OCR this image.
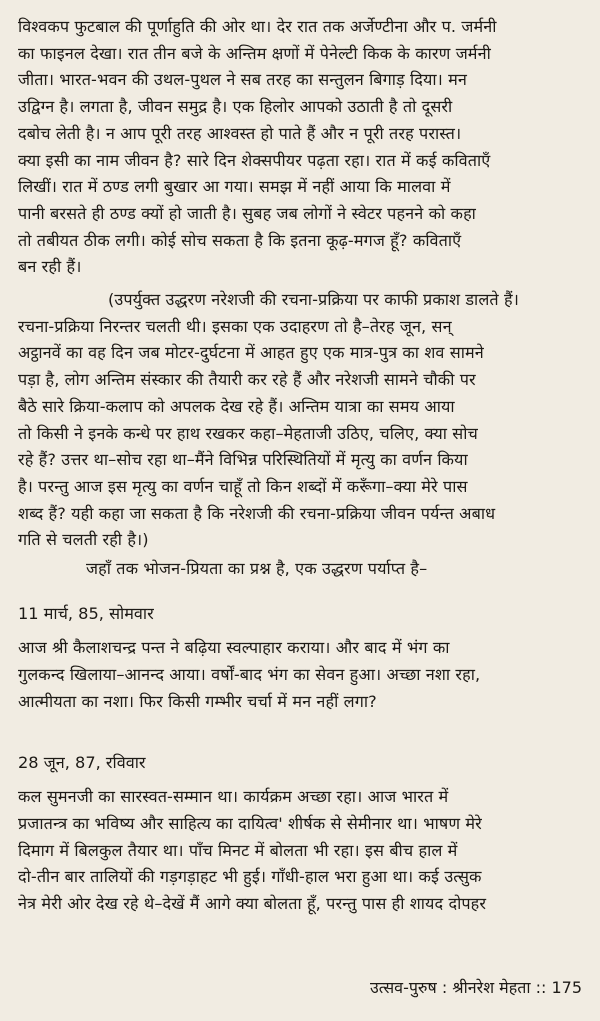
विश्वकप फुटबाल की पूर्णाहुति की ओर था। देर रात तक अर्जेण्टीना और प. जर्मनी
का फाइनल देखा। रात तीन बजे के अन्तिम क्षणों में पेनेल्टी किक के कारण जर्मनी
जीता। भारत-भवन की उथल-पुथल ने सब तरह का सन्तुलन बिगाड़ दिया। मन
उद्विग्न है। लगता है, जीवन समुद्र है। एक हिलोर आपको उठाती है तो दूसरी
दबोच लेती है। न आप पूरी तरह आश्वस्त हो पाते हैं और न पूरी तरह परास्त।
क्या इसी का नाम जीवन है? सारे दिन शेक्सपीयर पढ़ता रहा। रात में कई कविताएँ
लिखीं। रात में ठण्ड लगी बुखार आ गया। समझ में नहीं आया कि मालवा में
पानी बरसते ही ठण्ड क्यों हो जाती है। सुबह जब लोगों ने स्वेटर पहनने को कहा
तो तबीयत ठीक लगी। कोई सोच सकता है कि इतना कूढ़-मगज हूँ? कविताएँ
बन रही हैं।
(उपर्युक्त उद्धरण नरेशजी की रचना-प्रक्रिया पर काफी प्रकाश डालते हैं।
रचना-प्रक्रिया निरन्तर चलती थी। इसका एक उदाहरण तो है–तेरह जून, सन्
अट्ठानवें का वह दिन जब मोटर-दुर्घटना में आहत हुए एक मात्र-पुत्र का शव सामने
पड़ा है, लोग अन्तिम संस्कार की तैयारी कर रहे हैं और नरेशजी सामने चौकी पर
बैठे सारे क्रिया-कलाप को अपलक देख रहे हैं। अन्तिम यात्रा का समय आया
तो किसी ने इनके कन्धे पर हाथ रखकर कहा–मेहताजी उठिए, चलिए, क्या सोच
रहे हैं? उत्तर था–सोच रहा था–मैंने विभिन्न परिस्थितियों में मृत्यु का वर्णन किया
है। परन्तु आज इस मृत्यु का वर्णन चाहूँ तो किन शब्दों में करूँगा–क्या मेरे पास
शब्द हैं? यही कहा जा सकता है कि नरेशजी की रचना-प्रक्रिया जीवन पर्यन्त अबाध
गति से चलती रही है।)

जहाँ तक भोजन-प्रियता का प्रश्न है, एक उद्धरण पर्याप्त है–

11 मार्च, 85, सोमवार
आज श्री कैलाशचन्द्र पन्त ने बढ़िया स्वल्पाहार कराया। और बाद में भंग का
गुलकन्द खिलाया–आनन्द आया। वर्षों-बाद भंग का सेवन हुआ। अच्छा नशा रहा,
आत्मीयता का नशा। फिर किसी गम्भीर चर्चा में मन नहीं लगा?
28 जून, 87, रविवार
कल सुमनजी का सारस्वत-सम्मान था। कार्यक्रम अच्छा रहा। आज भारत में
प्रजातन्त्र का भविष्य और साहित्य का दायित्व' शीर्षक से सेमीनार था। भाषण मेरे
दिमाग में बिलकुल तैयार था। पाँच मिनट में बोलता भी रहा। इस बीच हाल में
दो-तीन बार तालियों की गड़गड़ाहट भी हुई। गाँधी-हाल भरा हुआ था। कई उत्सुक
नेत्र मेरी ओर देख रहे थे–देखें मैं आगे क्या बोलता हूँ, परन्तु पास ही शायद दोपहर
उत्सव-पुरुष : श्रीनरेश मेहता :: 175
